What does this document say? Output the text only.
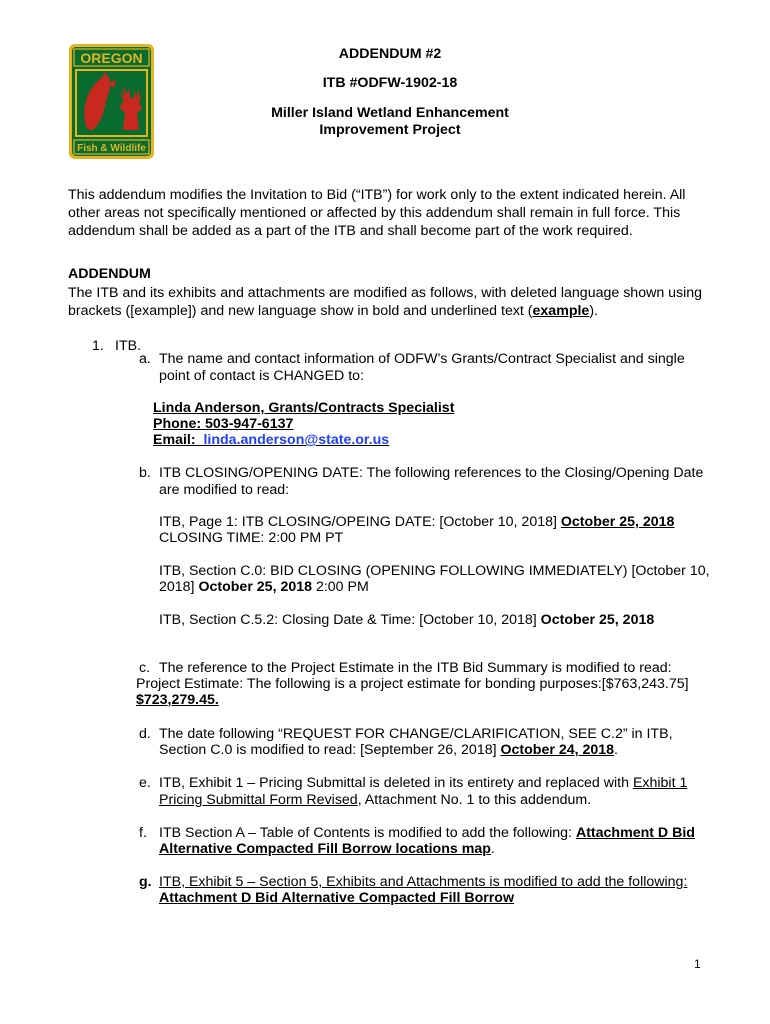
OREGON
Fish & Wildlife
ADDENDUM #2
ITB #ODFW-1902-18
Miller Island Wetland Enhancement
Improvement Project
This addendum modifies the Invitation to Bid (“ITB”) for work only to the extent indicated herein. All other areas not specifically mentioned or affected by this addendum shall remain in full force. This addendum shall be added as a part of the ITB and shall become part of the work required.
ADDENDUM
The ITB and its exhibits and attachments are modified as follows, with deleted language shown using brackets ([example]) and new language show in bold and underlined text (example).
1. ITB.
a. The name and contact information of ODFW’s Grants/Contract Specialist and single
point of contact is CHANGED to:
Linda Anderson, Grants/Contracts Specialist
Phone: 503-947-6137
Email: linda.anderson@state.or.us
b. ITB CLOSING/OPENING DATE: The following references to the Closing/Opening Date
are modified to read:
ITB, Page 1: ITB CLOSING/OPEING DATE: [October 10, 2018] October 25, 2018
CLOSING TIME: 2:00 PM PT
ITB, Section C.0: BID CLOSING (OPENING FOLLOWING IMMEDIATELY) [October 10,
2018] October 25, 2018 2:00 PM
ITB, Section C.5.2: Closing Date & Time: [October 10, 2018] October 25, 2018
c. The reference to the Project Estimate in the ITB Bid Summary is modified to read:
Project Estimate: The following is a project estimate for bonding purposes:[$763,243.75]
$723,279.45.
d. The date following “REQUEST FOR CHANGE/CLARIFICATION, SEE C.2” in ITB,
Section C.0 is modified to read: [September 26, 2018] October 24, 2018.
e. ITB, Exhibit 1 – Pricing Submittal is deleted in its entirety and replaced with Exhibit 1
Pricing Submittal Form Revised, Attachment No. 1 to this addendum.
f. ITB Section A – Table of Contents is modified to add the following: Attachment D Bid
Alternative Compacted Fill Borrow locations map.
g. ITB, Exhibit 5 – Section 5, Exhibits and Attachments is modified to add the following:
Attachment D Bid Alternative Compacted Fill Borrow
1
